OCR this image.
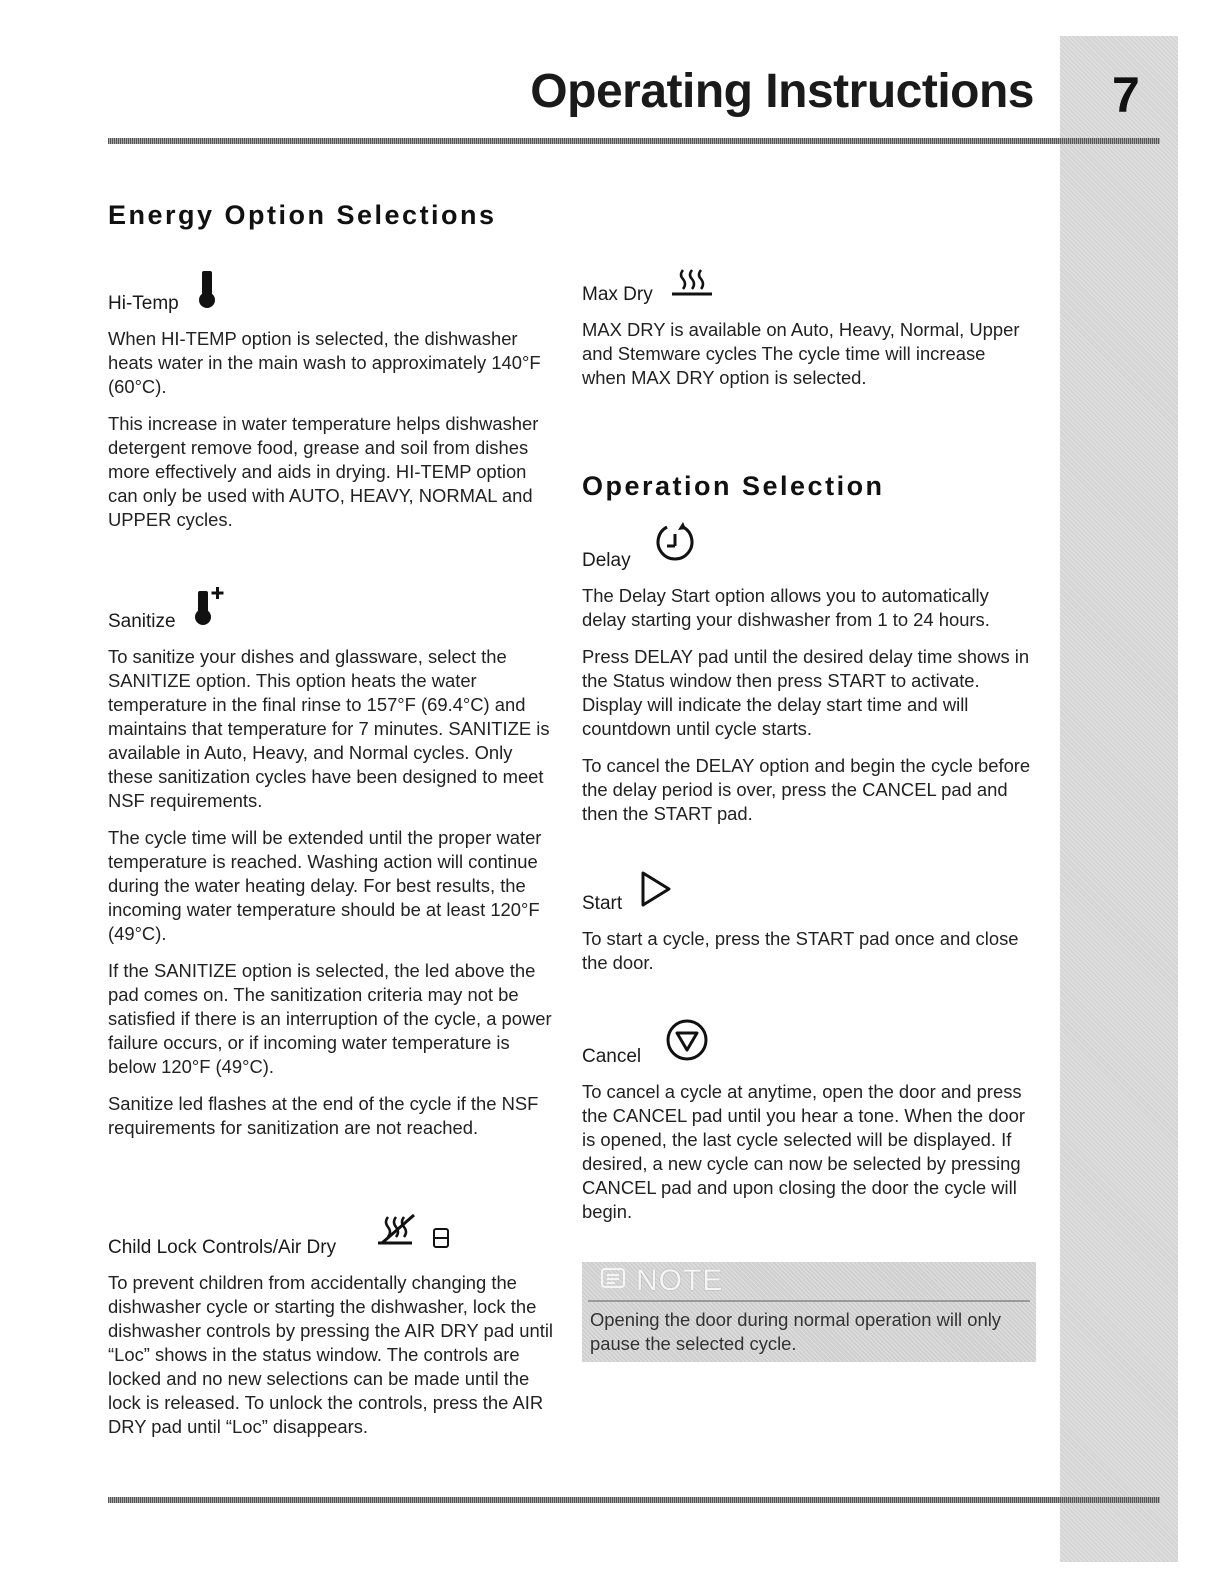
7
Operating Instructions
Energy Option Selections
Hi-Temp

When HI-TEMP option is selected, the dishwasher heats water in the main wash to approximately 140°F (60°C).

This increase in water temperature helps dishwasher detergent remove food, grease and soil from dishes more effectively and aids in drying. HI-TEMP option can only be used with AUTO, HEAVY, NORMAL and UPPER cycles.

Sanitize

To sanitize your dishes and glassware, select the SANITIZE option. This option heats the water temperature in the final rinse to 157°F (69.4°C) and maintains that temperature for 7 minutes. SANITIZE is available in Auto, Heavy, and Normal cycles. Only these sanitization cycles have been designed to meet NSF requirements.

The cycle time will be extended until the proper water temperature is reached. Washing action will continue during the water heating delay. For best results, the incoming water temperature should be at least 120°F (49°C).

If the SANITIZE option is selected, the led above the pad comes on. The sanitization criteria may not be satisfied if there is an interruption of the cycle, a power failure occurs, or if incoming water temperature is below 120°F (49°C).

Sanitize led flashes at the end of the cycle if the NSF requirements for sanitization are not reached.

Child Lock Controls/Air Dry

To prevent children from accidentally changing the dishwasher cycle or starting the dishwasher, lock the dishwasher controls by pressing the AIR DRY pad until “Loc” shows in the status window. The controls are locked and no new selections can be made until the lock is released. To unlock the controls, press the AIR DRY pad until “Loc” disappears.

Max Dry

MAX DRY is available on Auto, Heavy, Normal, Upper and Stemware cycles The cycle time will increase when MAX DRY option is selected.

Operation Selection
Delay

The Delay Start option allows you to automatically delay starting your dishwasher from 1 to 24 hours.

Press DELAY pad until the desired delay time shows in the Status window then press START to activate. Display will indicate the delay start time and will countdown until cycle starts.

To cancel the DELAY option and begin the cycle before the delay period is over, press the CANCEL pad and then the START pad.

Start

To start a cycle, press the START pad once and close the door.

Cancel

To cancel a cycle at anytime, open the door and press the CANCEL pad until you hear a tone. When the door is opened, the last cycle selected will be displayed. If desired, a new cycle can now be selected by pressing CANCEL pad and upon closing the door the cycle will begin.

NOTE

Opening the door during normal operation will only pause the selected cycle.
